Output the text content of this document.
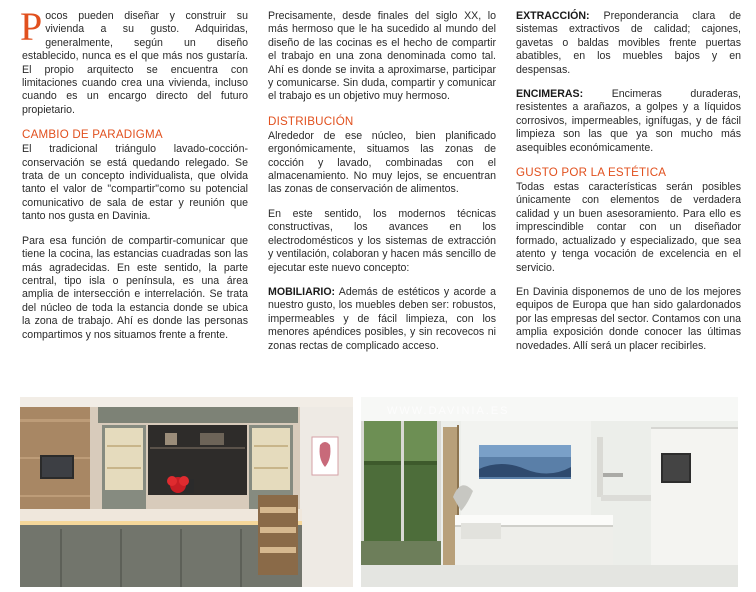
Pocos pueden diseñar y construir su vivienda a su gusto. Adquiridas, generalmente, según un diseño establecido, nunca es el que más nos gustaría. El propio arquitecto se encuentra con limitaciones cuando crea una vivienda, incluso cuando es un encargo directo del futuro propietario.

CAMBIO DE PARADIGMA

El tradicional triángulo lavado-cocción-conservación se está quedando relegado. Se trata de un concepto individualista, que olvida tanto el valor de "compartir"como su potencial comunicativo de sala de estar y reunión que tanto nos gusta en Davinia.

Para esa función de compartir-comunicar que tiene la cocina, las estancias cuadradas son las más agradecidas. En este sentido, la parte central, tipo isla o península, es una área amplia de intersección e interrelación. Se trata del núcleo de toda la estancia donde se ubica la zona de trabajo. Ahí es donde las personas compartimos y nos situamos frente a frente.

Precisamente, desde finales del siglo XX, lo más hermoso que le ha sucedido al mundo del diseño de las cocinas es el hecho de compartir el trabajo en una zona denominada como tal. Ahí es donde se invita a aproximarse, participar y comunicarse. Sin duda, compartir y comunicar el trabajo es un objetivo muy hermoso.

DISTRIBUCIÓN

Alrededor de ese núcleo, bien planificado ergonómicamente, situamos las zonas de cocción y lavado, combinadas con el almacenamiento. No muy lejos, se encuentran las zonas de conservación de alimentos.

En este sentido, los modernos técnicas constructivas, los avances en los electrodomésticos y los sistemas de extracción y ventilación, colaboran y hacen más sencillo de ejecutar este nuevo concepto:

MOBILIARIO: Además de estéticos y acorde a nuestro gusto, los muebles deben ser: robustos, impermeables y de fácil limpieza, con los menores apéndices posibles, y sin recovecos ni zonas rectas de complicado acceso.

EXTRACCIÓN: Preponderancia clara de sistemas extractivos de calidad; cajones, gavetas o baldas movibles frente puertas abatibles, en los muebles bajos y en despensas.

ENCIMERAS: Encimeras duraderas, resistentes a arañazos, a golpes y a líquidos corrosivos, impermeables, ignífugas, y de fácil limpieza son las que ya son mucho más asequibles económicamente.

GUSTO POR LA ESTÉTICA

Todas estas características serán posibles únicamente con elementos de verdadera calidad y un buen asesoramiento. Para ello es imprescindible contar con un diseñador formado, actualizado y especializado, que sea atento y tenga vocación de excelencia en el servicio.

En Davinia disponemos de uno de los mejores equipos de Europa que han sido galardonados por las empresas del sector. Contamos con una amplia exposición donde conocer las últimas novedades. Allí será un placer recibirles.

WWW.DAVINIA.ES
